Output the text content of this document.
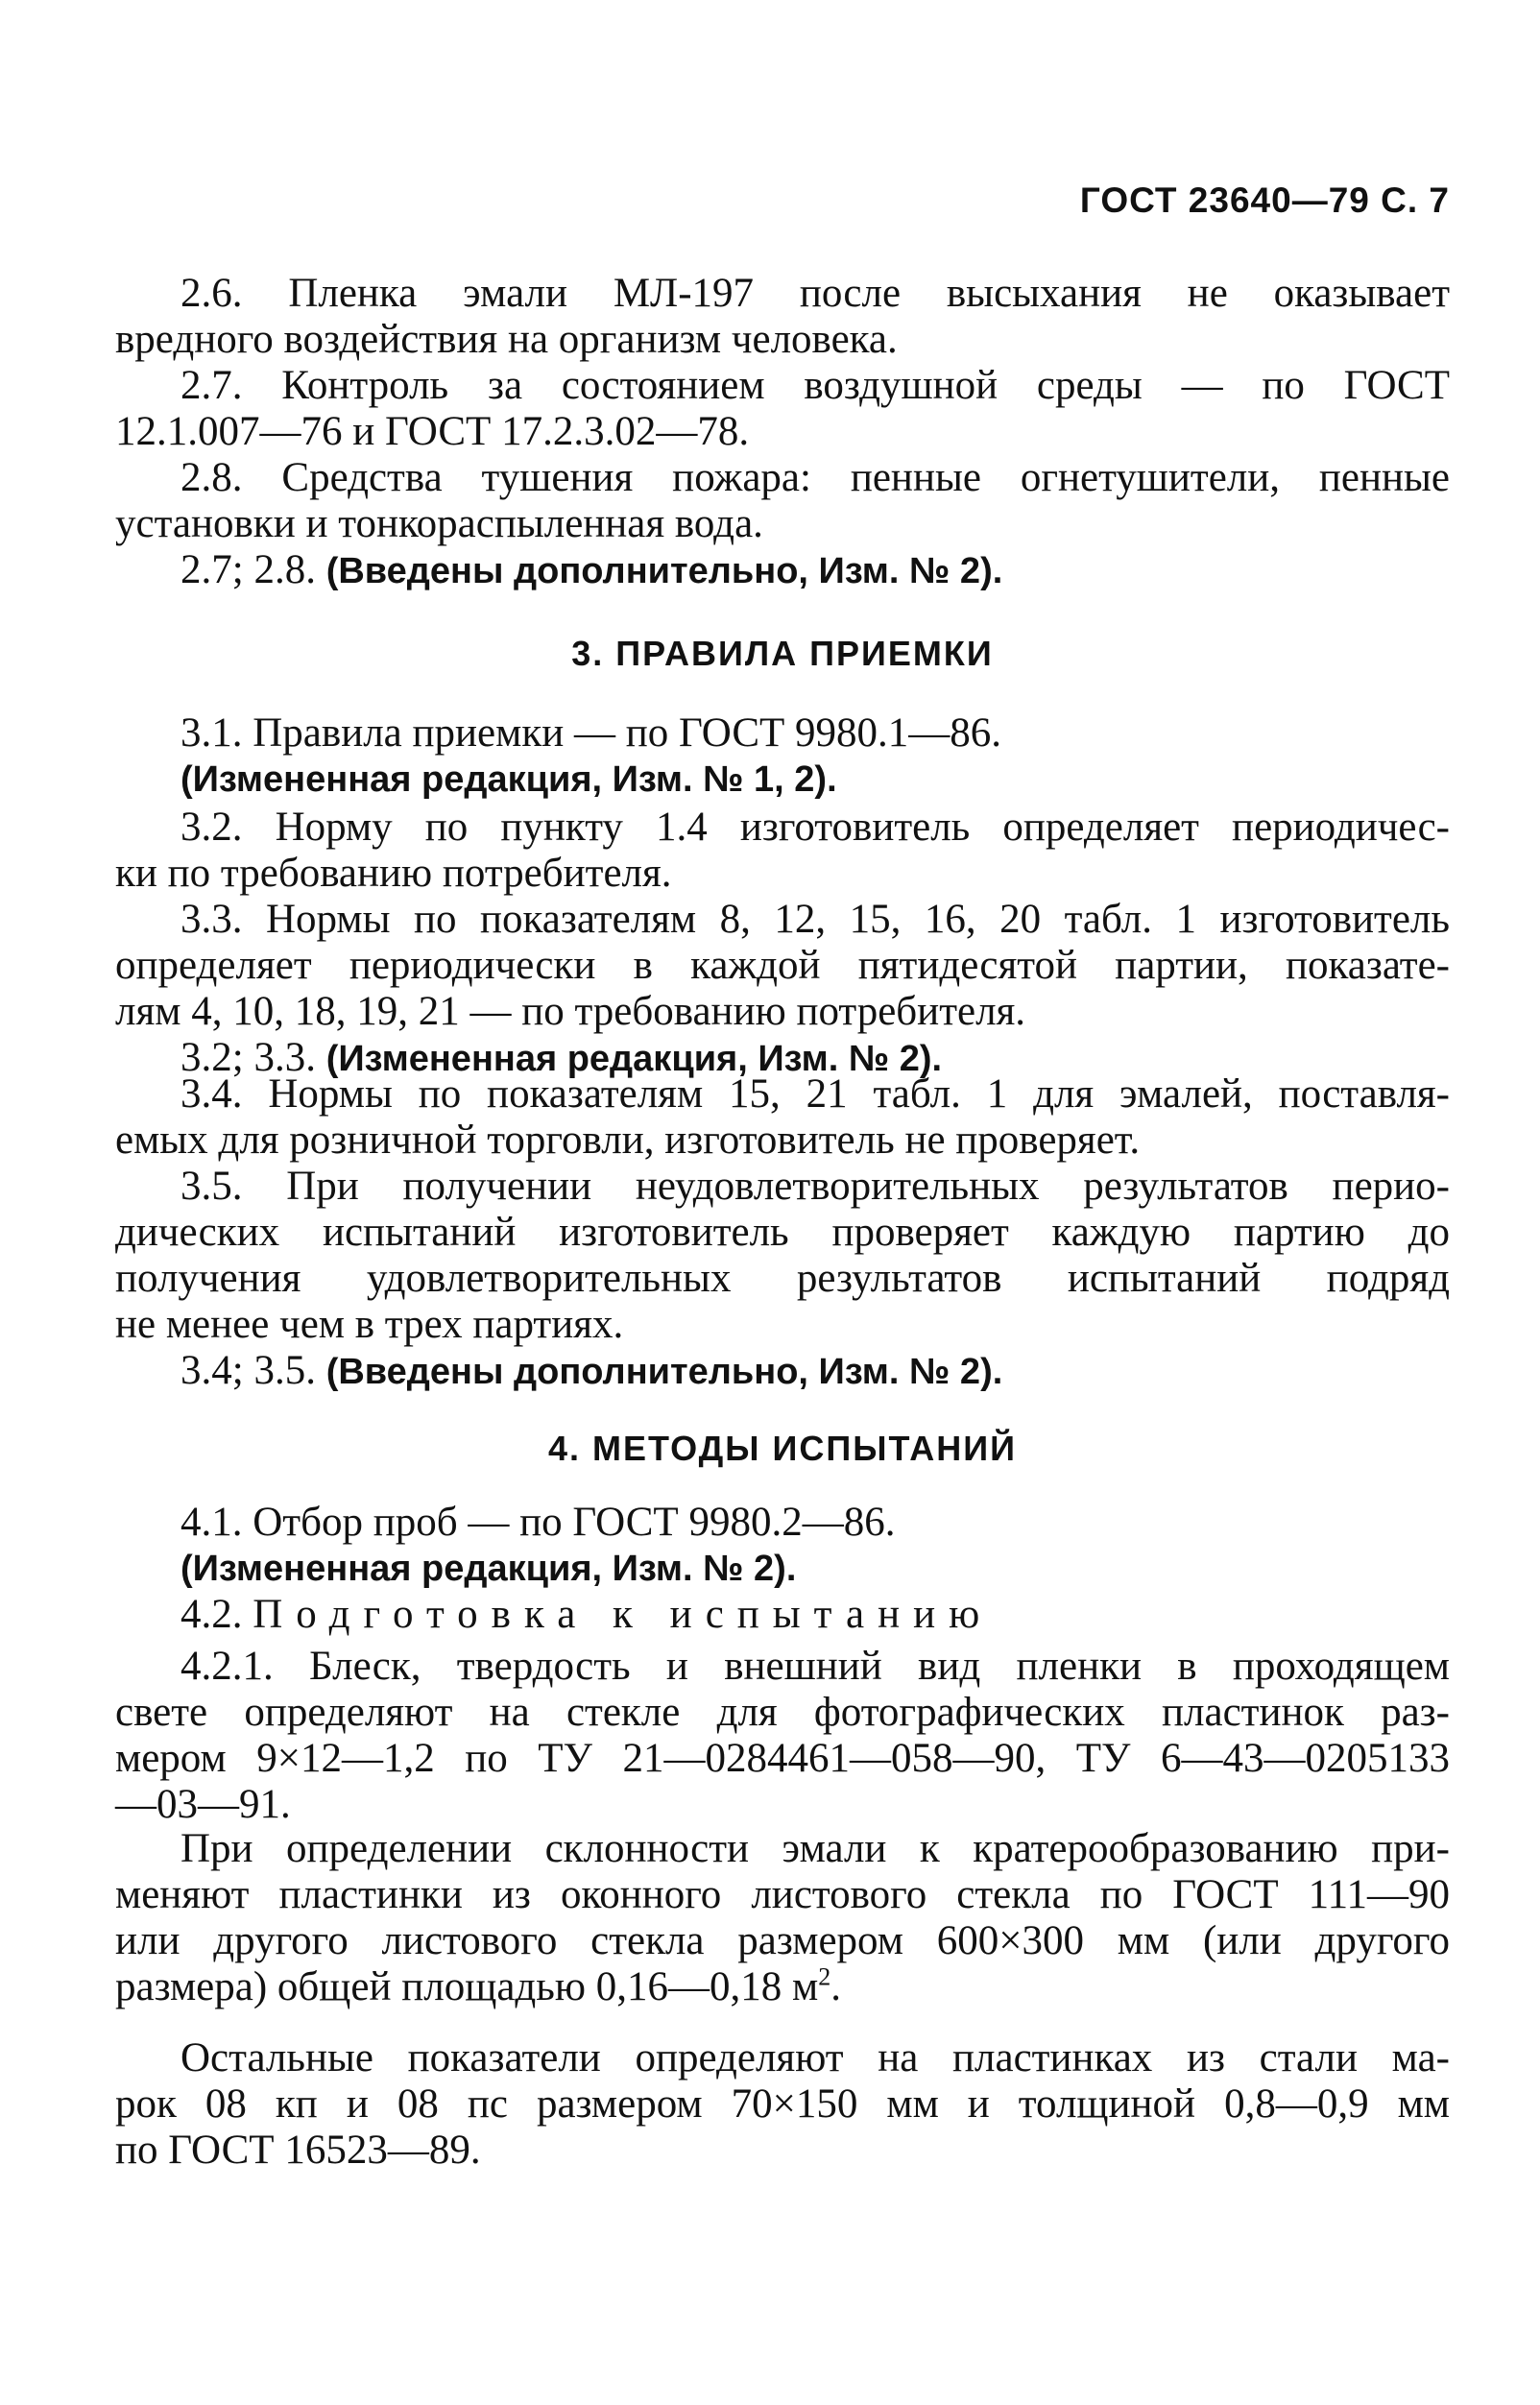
ГОСТ 23640—79 С. 7
2.6. Пленка эмали МЛ-197 после высыхания не оказывает
вредного воздействия на организм человека.
2.7. Контроль за состоянием воздушной среды — по ГОСТ
12.1.007—76 и ГОСТ 17.2.3.02—78.
2.8. Средства тушения пожара: пенные огнетушители, пенные
установки и тонкораспыленная вода.
2.7; 2.8. (Введены дополнительно, Изм. № 2).
3. ПРАВИЛА ПРИЕМКИ
3.1. Правила приемки — по ГОСТ 9980.1—86.
(Измененная редакция, Изм. № 1, 2).
3.2. Норму по пункту 1.4 изготовитель определяет периодичес-
ки по требованию потребителя.
3.3. Нормы по показателям 8, 12, 15, 16, 20 табл. 1 изготовитель
определяет периодически в каждой пятидесятой партии, показате-
лям 4, 10, 18, 19, 21 — по требованию потребителя.
3.2; 3.3. (Измененная редакция, Изм. № 2).
3.4. Нормы по показателям 15, 21 табл. 1 для эмалей, поставля-
емых для розничной торговли, изготовитель не проверяет.
3.5. При получении неудовлетворительных результатов перио-
дических испытаний изготовитель проверяет каждую партию до
получения удовлетворительных результатов испытаний подряд
не менее чем в трех партиях.
3.4; 3.5. (Введены дополнительно, Изм. № 2).
4. МЕТОДЫ ИСПЫТАНИЙ
4.1. Отбор проб — по ГОСТ 9980.2—86.
(Измененная редакция, Изм. № 2).
4.2. Подготовка к испытанию
4.2.1. Блеск, твердость и внешний вид пленки в проходящем
свете определяют на стекле для фотографических пластинок раз-
мером 9×12—1,2 по ТУ 21—0284461—058—90, ТУ 6—43—0205133
—03—91.
При определении склонности эмали к кратерообразованию при-
меняют пластинки из оконного листового стекла по ГОСТ 111—90
или другого листового стекла размером 600×300 мм (или другого
размера) общей площадью 0,16—0,18 $м^2$.
Остальные показатели определяют на пластинках из стали ма-
рок 08 кп и 08 пс размером 70×150 мм и толщиной 0,8—0,9 мм
по ГОСТ 16523—89.
